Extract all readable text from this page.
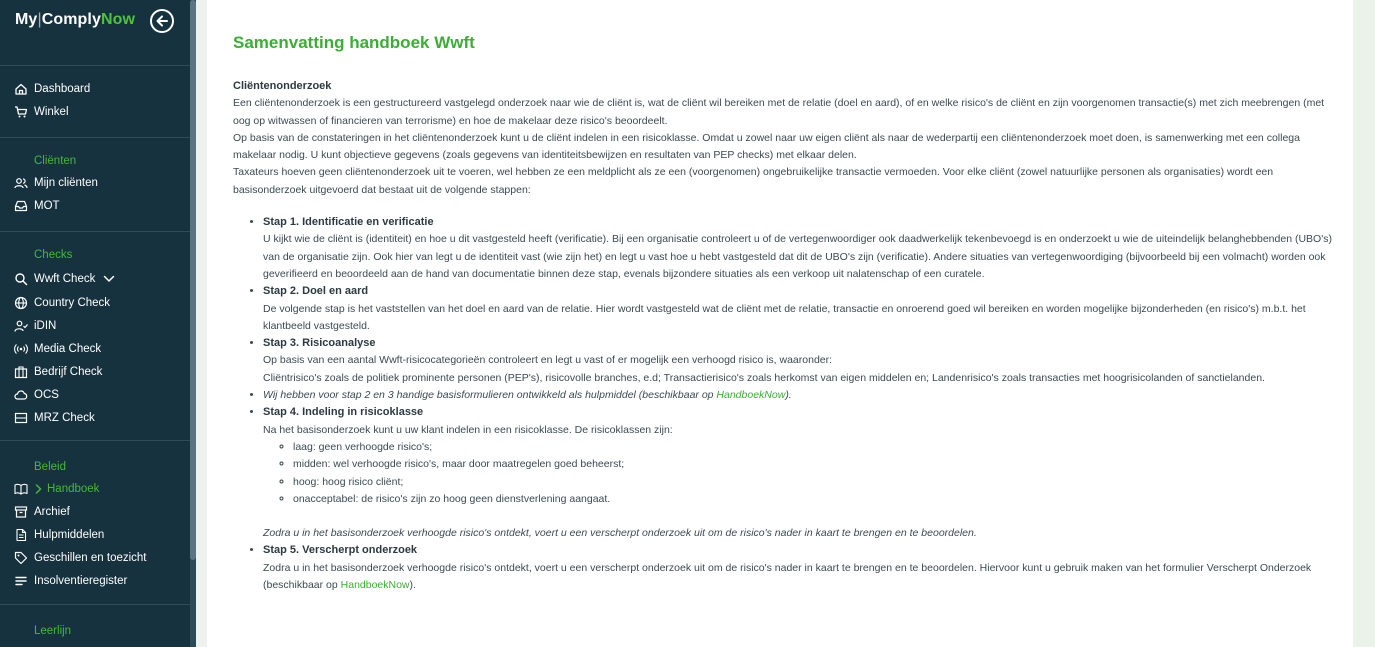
My|ComplyNow
Dashboard
Winkel
Cliënten
Mijn cliënten
MOT
Checks
Wwft Check
Country Check
iDIN
Media Check
Bedrijf Check
OCS
MRZ Check
Beleid
Handboek
Archief
Hulpmiddelen
Geschillen en toezicht
Insolventieregister
Leerlijn
Samenvatting handboek Wwft

Cliëntenonderzoek

Een cliëntenonderzoek is een gestructureerd vastgelegd onderzoek naar wie de cliënt is, wat de cliënt wil bereiken met de relatie (doel en aard), of en welke risico's de cliënt en zijn voorgenomen transactie(s) met zich meebrengen (met oog op witwassen of financieren van terrorisme) en hoe de makelaar deze risico's beoordeelt.

Op basis van de constateringen in het cliëntenonderzoek kunt u de cliënt indelen in een risicoklasse. Omdat u zowel naar uw eigen cliënt als naar de wederpartij een cliëntenonderzoek moet doen, is samenwerking met een collega makelaar nodig. U kunt objectieve gegevens (zoals gegevens van identiteitsbewijzen en resultaten van PEP checks) met elkaar delen.

Taxateurs hoeven geen cliëntenonderzoek uit te voeren, wel hebben ze een meldplicht als ze een (voorgenomen) ongebruikelijke transactie vermoeden. Voor elke cliënt (zowel natuurlijke personen als organisaties) wordt een basisonderzoek uitgevoerd dat bestaat uit de volgende stappen:

• Stap 1. Identificatie en verificatie
U kijkt wie de cliënt is (identiteit) en hoe u dit vastgesteld heeft (verificatie). Bij een organisatie controleert u of de vertegenwoordiger ook daadwerkelijk tekenbevoegd is en onderzoekt u wie de uiteindelijk belanghebbenden (UBO's) van de organisatie zijn. Ook hier van legt u de identiteit vast (wie zijn het) en legt u vast hoe u hebt vastgesteld dat dit de UBO's zijn (verificatie). Andere situaties van vertegenwoordiging (bijvoorbeeld bij een volmacht) worden ook geverifieerd en beoordeeld aan de hand van documentatie binnen deze stap, evenals bijzondere situaties als een verkoop uit nalatenschap of een curatele.
• Stap 2. Doel en aard
De volgende stap is het vaststellen van het doel en aard van de relatie. Hier wordt vastgesteld wat de cliënt met de relatie, transactie en onroerend goed wil bereiken en worden mogelijke bijzonderheden (en risico's) m.b.t. het klantbeeld vastgesteld.
• Stap 3. Risicoanalyse
Op basis van een aantal Wwft-risicocategorieën controleert en legt u vast of er mogelijk een verhoogd risico is, waaronder:
Cliëntrisico's zoals de politiek prominente personen (PEP's), risicovolle branches, e.d; Transactierisico's zoals herkomst van eigen middelen en; Landenrisico's zoals transacties met hoogrisicolanden of sanctielanden.
• Wij hebben voor stap 2 en 3 handige basisformulieren ontwikkeld als hulpmiddel (beschikbaar op HandboekNow).
• Stap 4. Indeling in risicoklasse
Na het basisonderzoek kunt u uw klant indelen in een risicoklasse. De risicoklassen zijn:
◦ laag: geen verhoogde risico's;
◦ midden: wel verhoogde risico's, maar door maatregelen goed beheerst;
◦ hoog: hoog risico cliënt;
◦ onacceptabel: de risico's zijn zo hoog geen dienstverlening aangaat.
Zodra u in het basisonderzoek verhoogde risico's ontdekt, voert u een verscherpt onderzoek uit om de risico's nader in kaart te brengen en te beoordelen.
• Stap 5. Verscherpt onderzoek
Zodra u in het basisonderzoek verhoogde risico's ontdekt, voert u een verscherpt onderzoek uit om de risico's nader in kaart te brengen en te beoordelen. Hiervoor kunt u gebruik maken van het formulier Verscherpt Onderzoek (beschikbaar op HandboekNow).
